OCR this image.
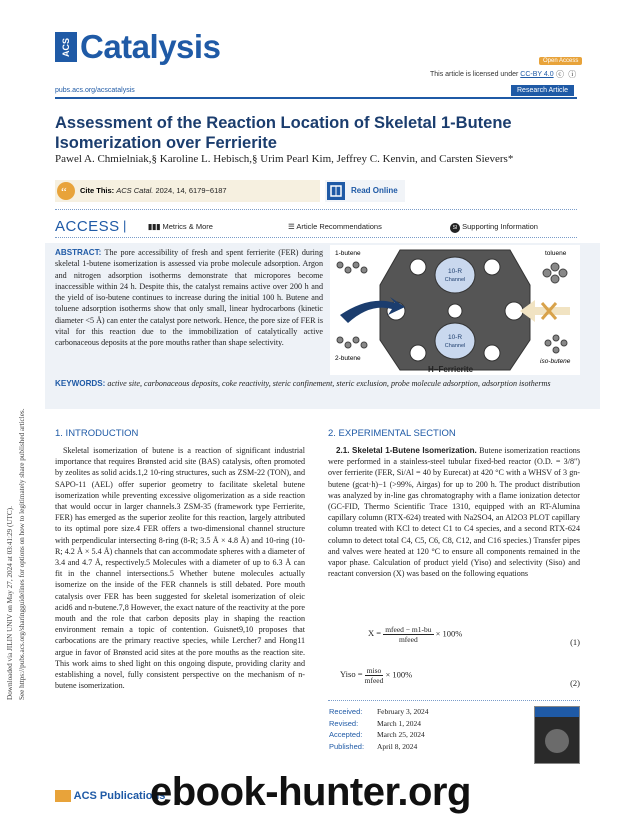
Downloaded via JILIN UNIV on May 27, 2024 at 03:41:29 (UTC). See https://pubs.acs.org/sharingguidelines for options on how to legitimately share published articles.
ACS Catalysis	Open Access
This article is licensed under CC-BY 4.0 ⓒ ⓘ
pubs.acs.org/acscatalysis	Research Article
Assessment of the Reaction Location of Skeletal 1-Butene Isomerization over Ferrierite
Pawel A. Chmielniak,§ Karoline L. Hebisch,§ Urim Pearl Kim, Jeffrey C. Kenvin, and Carsten Sievers*
“ Cite This: ACS Catal. 2024, 14, 6179−6187	Read Online
ACCESS |	▮▮▮ Metrics & More	☰ Article Recommendations	SI Supporting Information
ABSTRACT: The pore accessibility of fresh and spent ferrierite (FER) during skeletal 1-butene isomerization is assessed via probe molecule adsorption. Argon and nitrogen adsorption isotherms demonstrate that micropores become inaccessible within 24 h. Despite this, the catalyst remains active over 200 h and the yield of iso-butene continues to increase during the initial 100 h. Butene and toluene adsorption isotherms show that only small, linear hydrocarbons (kinetic diameter <5 Å) can enter the catalyst pore network. Hence, the pore size of FER is vital for this reaction due to the immobilization of catalytically active carbonaceous deposits at the pore mouths rather than shape selectivity.
10-R
Channel
10-R
Channel
1-butene
2-butene
toluene
iso-butene
H−Ferrierite
KEYWORDS: active site, carbonaceous deposits, coke reactivity, steric confinement, steric exclusion, probe molecule adsorption, adsorption isotherms
1. INTRODUCTION

Skeletal isomerization of butene is a reaction of significant industrial importance that requires Brønsted acid site (BAS) catalysis, often promoted by zeolites as solid acids.1,2 10-ring structures, such as ZSM-22 (TON), and SAPO-11 (AEL) offer superior geometry to facilitate skeletal butene isomerization while preventing excessive oligomerization as a side reaction that would occur in larger channels.3 ZSM-35 (framework type Ferrierite, FER) has emerged as the superior zeolite for this reaction, largely attributed to its optimal pore size.4 FER offers a two-dimensional channel structure with perpendicular intersecting 8-ring (8-R; 3.5 Å × 4.8 Å) and 10-ring (10-R; 4.2 Å × 5.4 Å) channels that can accommodate spheres with a diameter of 3.4 and 4.7 Å, respectively.5 Molecules with a diameter of up to 6.3 Å can fit in the channel intersections.5 Whether butene molecules actually isomerize on the inside of the FER channels is still debated. Pore mouth catalysis over FER has been suggested for skeletal isomerization of oleic acid6 and n-butene.7,8 However, the exact nature of the reactivity at the pore mouth and the role that carbon deposits play in shaping the reaction environment remain a topic of contention. Guisnet9,10 proposes that carbocations are the primary reactive species, while Lercher7 and Hong11 argue in favor of Brønsted acid sites at the pore mouths as the reaction site. This work aims to shed light on this ongoing dispute, providing clarity and establishing a novel, fully consistent perspective on the mechanism of n-butene isomerization.

2. EXPERIMENTAL SECTION

2.1. Skeletal 1-Butene Isomerization. Butene isomerization reactions were performed in a stainless-steel tubular fixed-bed reactor (O.D. = 3/8") over ferrierite (FER, Si/Al = 40 by Eurecat) at 420 °C with a WHSV of 3 gn-butene (gcat·h)−1 (>99%, Airgas) for up to 200 h. The product distribution was analyzed by in-line gas chromatography with a flame ionization detector (GC-FID, Thermo Scientific Trace 1310, equipped with an RT-Alumina capillary column (RTX-624) treated with Na2SO4, an Al2O3 PLOT capillary column treated with KCl to detect C1 to C4 species, and a second RTX-624 column to detect total C4, C5, C6, C8, C12, and C16 species.) Transfer pipes and valves were heated at 120 °C to ensure all components remained in the vapor phase. Calculation of product yield (Yiso) and selectivity (Siso) and reactant conversion (X) was based on the following equations

$X = \frac{\text{mfeed − m1-bu}}{\text{mfeed}} \times 100\%$
(1)
Yiso = $\frac{\text{miso}}{\text{mfeed}} \times 100\%$
(2)
Received: February 3, 2024
Revised:	March 1, 2024
Accepted: March 25, 2024
Published: April 8, 2024
ACS Publications
ebook-hunter.org
